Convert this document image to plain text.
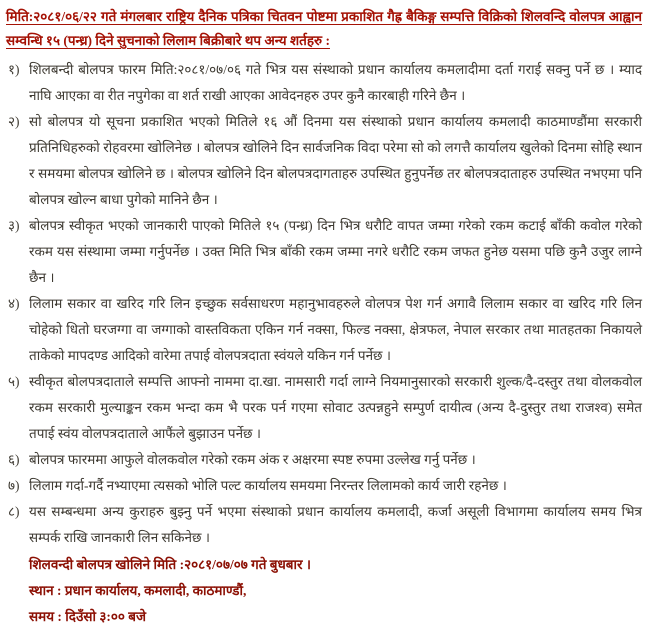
मिति:२०८१/०६/२२ गते मंगलबार राष्ट्रिय दैनिक पत्रिका चितवन पोष्टमा प्रकाशित गैह्र बैकिङ्ग सम्पत्ति विक्रिको शिलवन्दि वोलपत्र आह्वान सम्वन्धि १५ (पन्ध्र) दिने सुचनाको लिलाम बिक्रीबारे थप अन्य शर्तहरु :

१) शिलबन्दी बोलपत्र फारम मिति:२०८१/०७/०६ गते भित्र यस संस्थाको प्रधान कार्यालय कमलादीमा दर्ता गराई सक्नु पर्ने छ । म्याद नाघि आएका वा रीत नपुगेका वा शर्त राखी आएका आवेदनहरु उपर कुनै कारबाही गरिने छैन ।
२) सो बोलपत्र यो सूचना प्रकाशित भएको मितिले १६ औं दिनमा यस संस्थाको प्रधान कार्यालय कमलादी काठमाण्डौंमा सरकारी प्रतिनिधिहरुको रोहवरमा खोलिनेछ । बोलपत्र खोलिने दिन सार्वजनिक विदा परेमा सो को लगत्तै कार्यालय खुलेको दिनमा सोहि स्थान र समयमा बोलपत्र खोलिने छ । बोलपत्र खोलिने दिन बोलपत्रदागताहरु उपस्थित हुनुपर्नेछ तर बोलपत्रदाताहरु उपस्थित नभएमा पनि बोलपत्र खोल्न बाधा पुगेको मानिने छैन ।
३) बोलपत्र स्वीकृत भएको जानकारी पाएको मितिले १५ (पन्ध्र) दिन भित्र धरौटि वापत जम्मा गरेको रकम कटाई बाँकी कवोल गरेको रकम यस संस्थामा जम्मा गर्नुपर्नेछ । उक्त मिति भित्र बाँकी रकम जम्मा नगरे धरौटि रकम जफत हुनेछ यसमा पछि कुनै उजुर लाग्ने छैन ।
४) लिलाम सकार वा खरिद गरि लिन इच्छुक सर्वसाधरण महानुभावहरुले वोलपत्र पेश गर्न अगावै लिलाम सकार वा खरिद गरि लिन चोहेको धितो घरजग्गा वा जग्गाको वास्तविकता एकिन गर्न नक्सा, फिल्ड नक्सा, क्षेत्रफल, नेपाल सरकार तथा मातहतका निकायले ताकेको मापदण्ड आदिको वारेमा तपाई वोलपत्रदाता स्वंयले यकिन गर्न पर्नेछ ।
५) स्वीकृत बोलपत्रदाताले सम्पत्ति आफ्नो नाममा दा.खा. नामसारी गर्दा लाग्ने नियमानुसारको सरकारी शुल्क/दै-दस्तुर तथा वोलकवोल रकम सरकारी मुल्याङ्कन रकम भन्दा कम भै परक पर्न गएमा सोवाट उत्पन्नहुने सम्पुर्ण दायीत्व (अन्य दै-दुस्तुर तथा राजश्व) समेत तपाई स्वंय वोलपत्रदाताले आफैंले बुझाउन पर्नेछ ।
६) बोलपत्र फारममा आफुले वोलकवोल गरेको रकम अंक र अक्षरमा स्पष्ट रुपमा उल्लेख गर्नु पर्नेछ ।
७) लिलाम गर्दा-गर्दै नभ्याएमा त्यसको भोलि पल्ट कार्यालय समयमा निरन्तर लिलामको कार्य जारी रहनेछ ।
८) यस सम्बन्धमा अन्य कुराहरु बुझ्नु पर्ने भएमा संस्थाको प्रधान कार्यालय कमलादी, कर्जा असूली विभागमा कार्यालय समय भित्र सम्पर्क राखि जानकारी लिन सकिनेछ ।
शिलवन्दी बोलपत्र खोलिने मिति :२०८१/०७/०७ गते बुधबार ।
स्थान : प्रधान कार्यालय, कमलादी, काठमाण्डौं,
समय : दिउँसो ३:०० बजे
